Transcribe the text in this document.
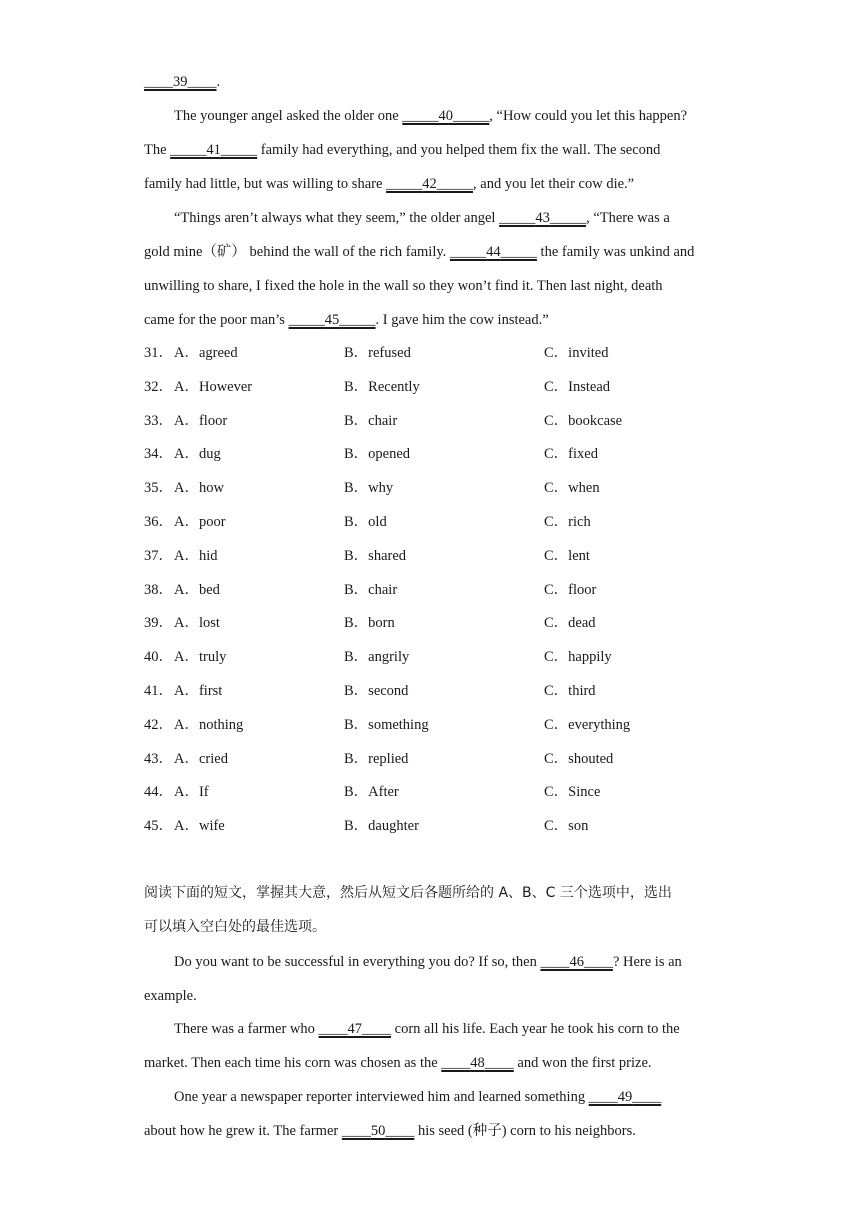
____39____.
The younger angel asked the older one _____40_____, “How could you let this happen?
The _____41_____ family had everything, and you helped them fix the wall. The second
family had little, but was willing to share _____42_____, and you let their cow die.”
“Things aren’t always what they seem,” the older angel _____43_____, “There was a
gold mine（矿） behind the wall of the rich family. _____44_____ the family was unkind and
unwilling to share, I fixed the hole in the wall so they won’t find it. Then last night, death
came for the poor man’s _____45_____. I gave him the cow instead.”
31． A．agreed	B．refused	C．invited
32． A．However	B．Recently	C．Instead
33． A．floor	B．chair	C．bookcase
34． A．dug	B．opened	C．fixed
35． A．how	B．why	C．when
36． A．poor	B．old	C．rich
37． A．hid	B．shared	C．lent
38． A．bed	B．chair	C．floor
39． A．lost	B．born	C．dead
40． A．truly	B．angrily	C．happily
41． A．first	B．second	C．third
42． A．nothing	B．something	C．everything
43． A．cried	B．replied	C．shouted
44． A．If	B．After	C．Since
45． A．wife	B．daughter	C．son
阅读下面的短文，掌握其大意，然后从短文后各题所给的 A、B、C 三个选项中，选出
可以填入空白处的最佳选项。
Do you want to be successful in everything you do? If so, then ____46____? Here is an
example.
There was a farmer who ____47____ corn all his life. Each year he took his corn to the
market. Then each time his corn was chosen as the ____48____ and won the first prize.
One year a newspaper reporter interviewed him and learned something ____49____
about how he grew it. The farmer ____50____ his seed (种子) corn to his neighbors.
